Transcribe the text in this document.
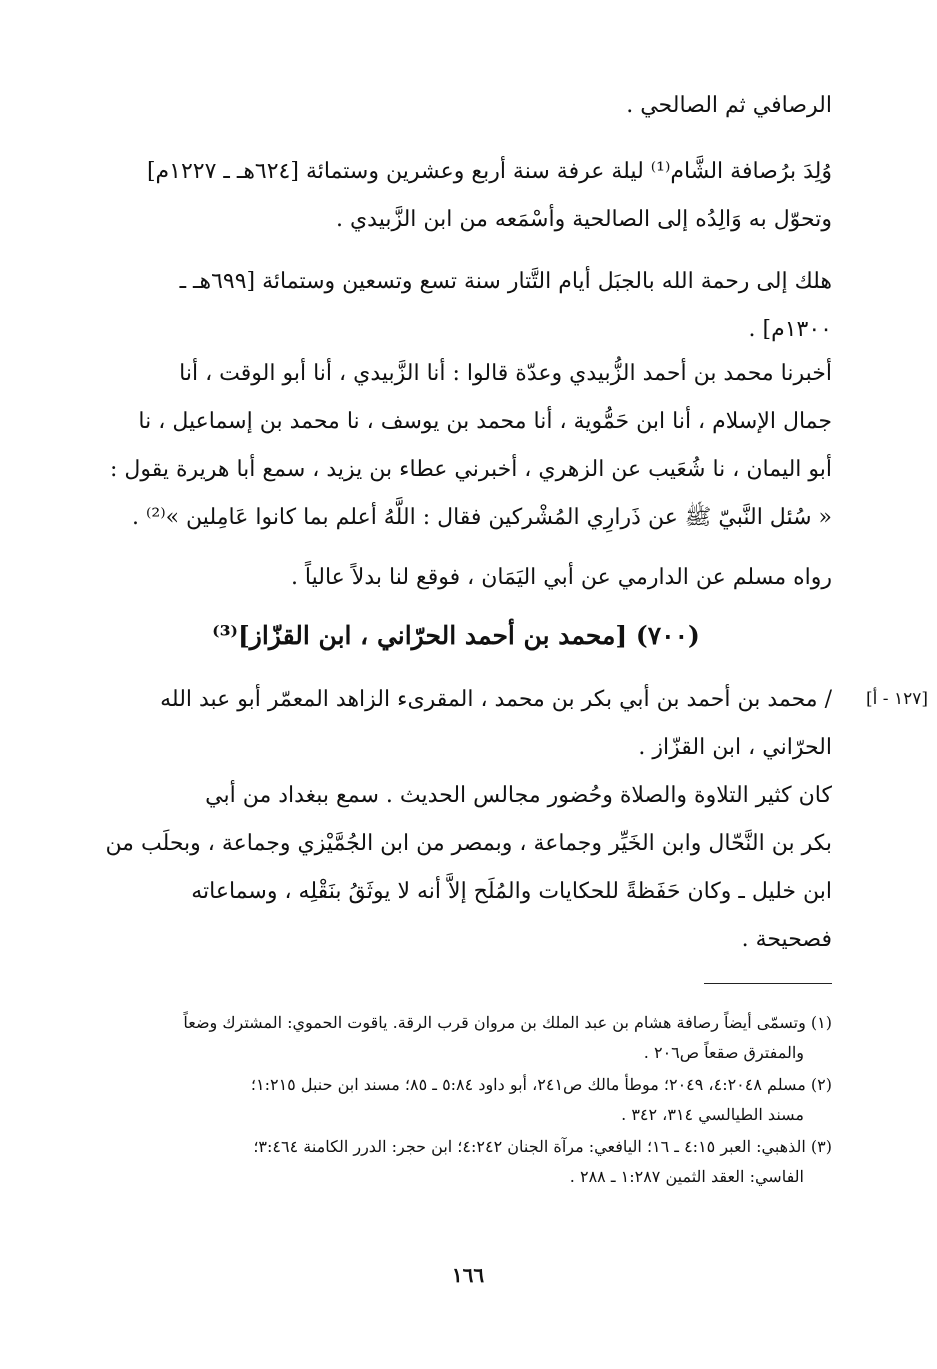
الرصافي ثم الصالحي .
وُلِدَ برُصافة الشَّام⁽¹⁾ ليلة عرفة سنة أربع وعشرين وستمائة [٦٢٤هـ ـ ١٢٢٧م]
وتحوّل به وَالِدُه إلى الصالحية وأسْمَعه من ابن الزَّبيدي .
هلك إلى رحمة الله بالجبَل أيام التَّتار سنة تسع وتسعين وستمائة [٦٩٩هـ ـ
١٣٠٠م] .
أخبرنا محمد بن أحمد الزُّبيدي وعدّة قالوا : أنا الزَّبيدي ، أنا أبو الوقت ، أنا
جمال الإسلام ، أنا ابن حَمُّوية ، أنا محمد بن يوسف ، نا محمد بن إسماعيل ، نا
أبو اليمان ، نا شُعَيب عن الزهري ، أخبرني عطاء بن يزيد ، سمع أبا هريرة يقول :
« سُئل النَّبيّ ﷺ عن ذَرارِي المُشْركين فقال : اللَّهُ أعلم بما كانوا عَامِلين »⁽²⁾ .
رواه مسلم عن الدارمي عن أبي اليَمَان ، فوقع لنا بدلاً عالياً .
(٧٠٠) [محمد بن أحمد الحرّاني ، ابن القزّاز]⁽³⁾
[١٢٧ - أ]
/ محمد بن أحمد بن أبي بكر بن محمد ، المقرىء الزاهد المعمّر أبو عبد الله
الحرّاني ، ابن القزّاز .
كان كثير التلاوة والصلاة وحُضور مجالس الحديث . سمع ببغداد من أبي
بكر بن النَّحّال وابن الخَيِّر وجماعة ، وبمصر من ابن الجُمَّيْزي وجماعة ، وبحلَب من
ابن خليل ـ وكان حَفَظةً للحكايات والمُلَح إلاَّ أنه لا يوثَقُ بنَقْلِه ، وسماعاته
فصحيحة .
(١) وتسمّى أيضاً رصافة هشام بن عبد الملك بن مروان قرب الرقة. ياقوت الحموي: المشترك وضعاً
والمفترق صقعاً ص٢٠٦ .
(٢) مسلم ٤:٢٠٤٨، ٢٠٤٩؛ موطأ مالك ص٢٤١، أبو داود ٥:٨٤ ـ ٨٥؛ مسند ابن حنبل ١:٢١٥؛
مسند الطيالسي ٣١٤، ٣٤٢ .
(٣) الذهبي: العبر ٤:١٥ ـ ١٦؛ اليافعي: مرآة الجنان ٤:٢٤٢؛ ابن حجر: الدرر الكامنة ٣:٤٦٤؛
الفاسي: العقد الثمين ١:٢٨٧ ـ ٢٨٨ .
١٦٦
